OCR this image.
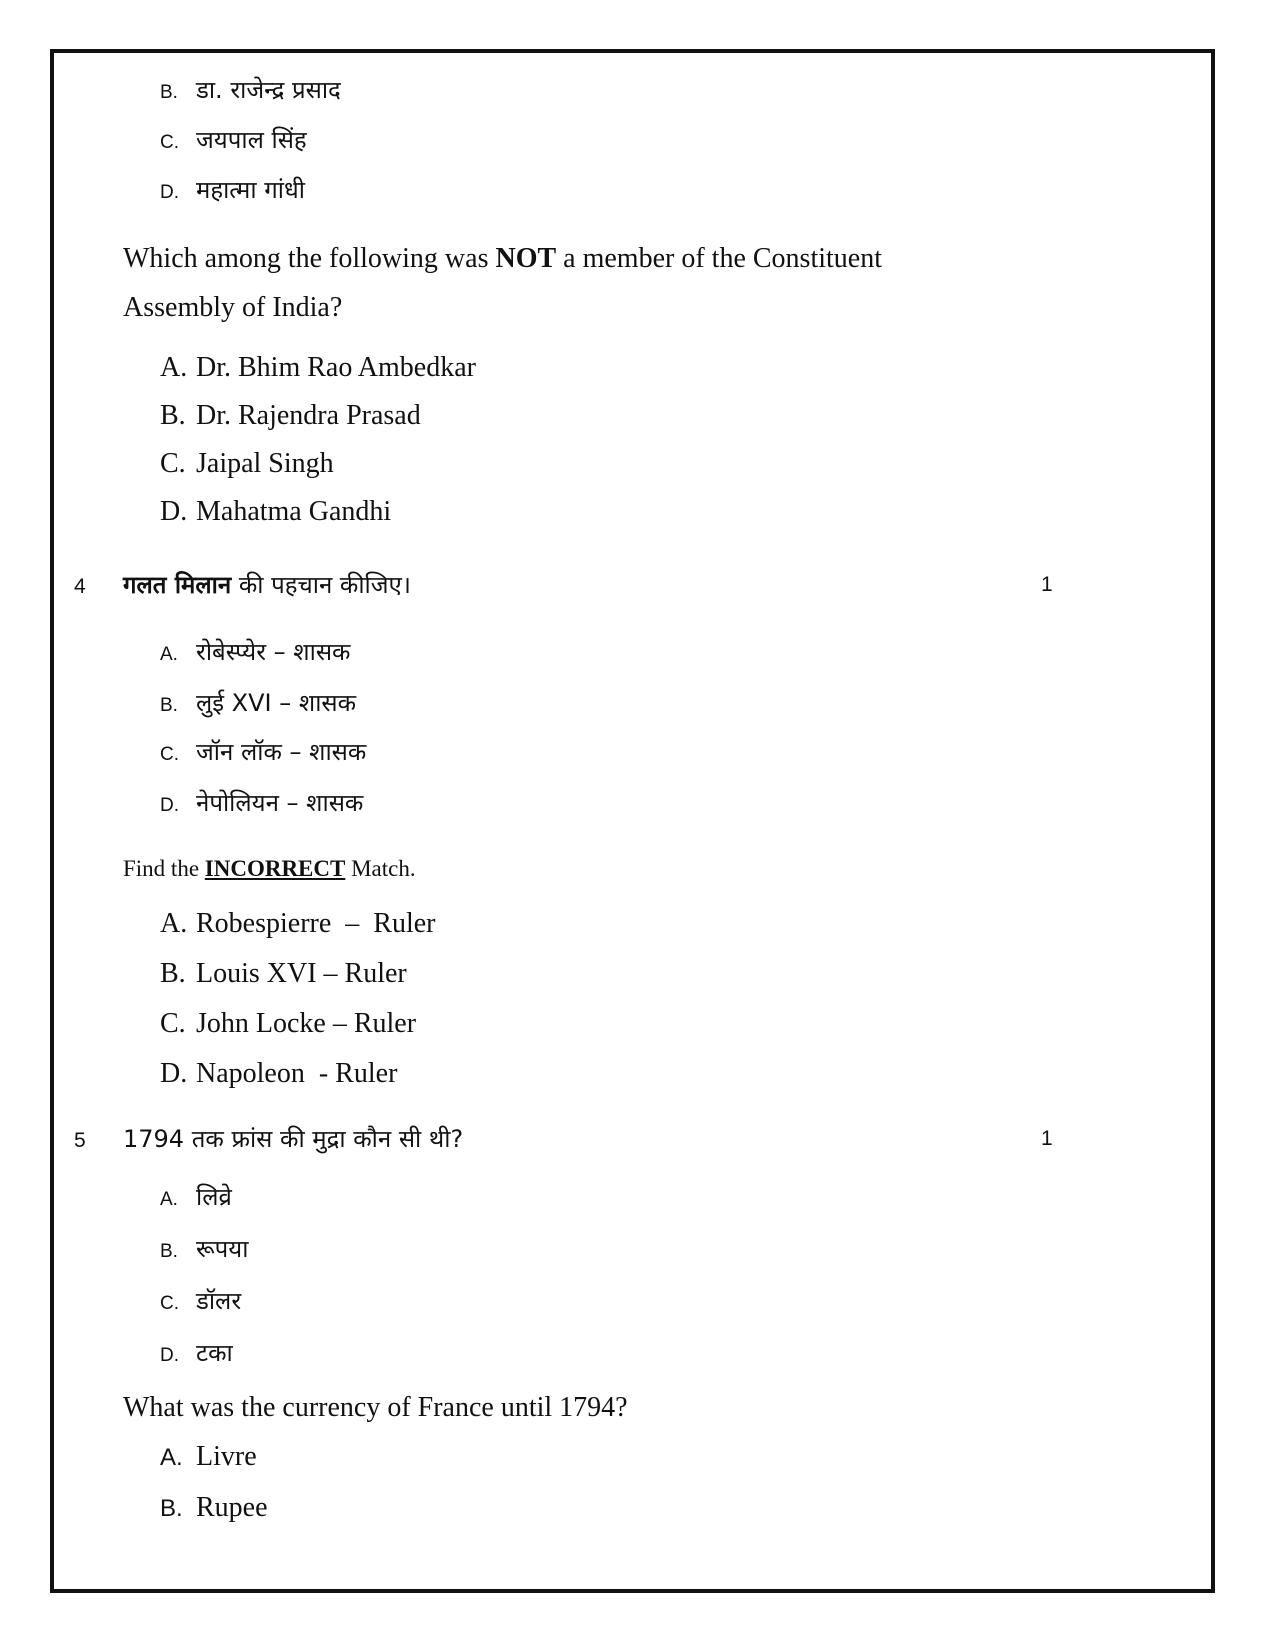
B. डा. राजेन्द्र प्रसाद
C. जयपाल सिंह
D. महात्मा गांधी
Which among the following was NOT a member of the Constituent
Assembly of India?
A. Dr. Bhim Rao Ambedkar
B. Dr. Rajendra Prasad
C. Jaipal Singh
D. Mahatma Gandhi
4 गलत मिलान की पहचान कीजिए।	1
A. रोबेस्प्येर – शासक
B. लुई XVI – शासक
C. जॉन लॉक – शासक
D. नेपोलियन – शासक
Find the INCORRECT Match.
A. Robespierre  –  Ruler
B. Louis XVI – Ruler
C. John Locke – Ruler
D. Napoleon  - Ruler
5 1794 तक फ्रांस की मुद्रा कौन सी थी?	1
A. लिव्रे
B. रूपया
C. डॉलर
D. टका
What was the currency of France until 1794?
A. Livre
B. Rupee
